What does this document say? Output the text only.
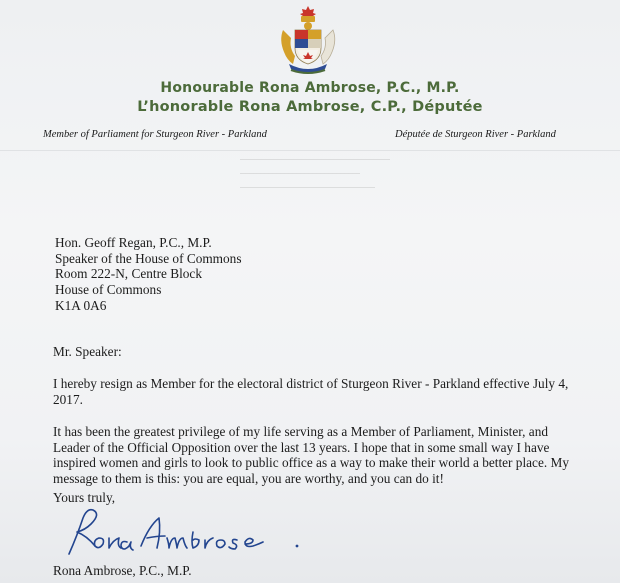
Honourable Rona Ambrose, P.C., M.P.
L’honorable Rona Ambrose, C.P., Députée
Member of Parliament for Sturgeon River - Parkland	Députée de Sturgeon River - Parkland
Hon. Geoff Regan, P.C., M.P.
Speaker of the House of Commons
Room 222-N, Centre Block
House of Commons
K1A 0A6
Mr. Speaker:
I hereby resign as Member for the electoral district of Sturgeon River - Parkland effective July 4, 2017.
It has been the greatest privilege of my life serving as a Member of Parliament, Minister, and Leader of the Official Opposition over the last 13 years. I hope that in some small way I have inspired women and girls to look to public office as a way to make their world a better place. My message to them is this: you are equal, you are worthy, and you can do it!
Yours truly,
Rona Ambrose, P.C., M.P.
